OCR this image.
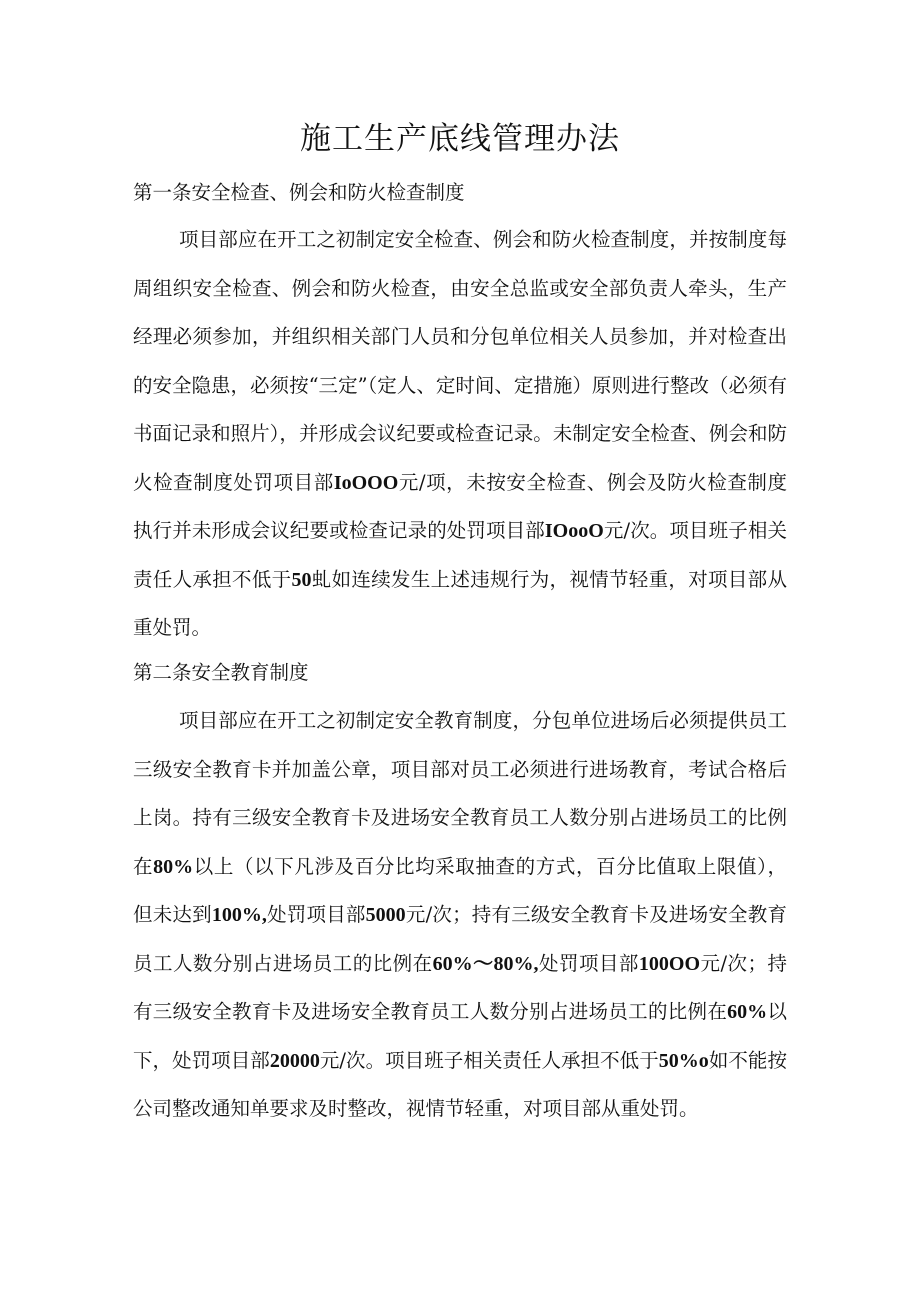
施工生产底线管理办法
第一条安全检查、例会和防火检查制度
项目部应在开工之初制定安全检查、例会和防火检查制度，并按制度每周组织安全检查、例会和防火检查，由安全总监或安全部负责人牵头，生产经理必须参加，并组织相关部门人员和分包单位相关人员参加，并对检查出的安全隐患，必须按“三定”（定人、定时间、定措施）原则进行整改（必须有书面记录和照片），并形成会议纪要或检查记录。未制定安全检查、例会和防火检查制度处罚项目部IoOOO元/项，未按安全检查、例会及防火检查制度执行并未形成会议纪要或检查记录的处罚项目部IOooO元/次。项目班子相关责任人承担不低于50虬如连续发生上述违规行为，视情节轻重，对项目部从重处罚。
第二条安全教育制度
项目部应在开工之初制定安全教育制度，分包单位进场后必须提供员工三级安全教育卡并加盖公章，项目部对员工必须进行进场教育，考试合格后上岗。持有三级安全教育卡及进场安全教育员工人数分别占进场员工的比例在80%以上（以下凡涉及百分比均采取抽查的方式，百分比值取上限值），但未达到100%,处罚项目部5000元/次；持有三级安全教育卡及进场安全教育员工人数分别占进场员工的比例在60%～80%,处罚项目部100OO元/次；持有三级安全教育卡及进场安全教育员工人数分别占进场员工的比例在60%以下，处罚项目部20000元/次。项目班子相关责任人承担不低于50%o如不能按公司整改通知单要求及时整改，视情节轻重，对项目部从重处罚。
